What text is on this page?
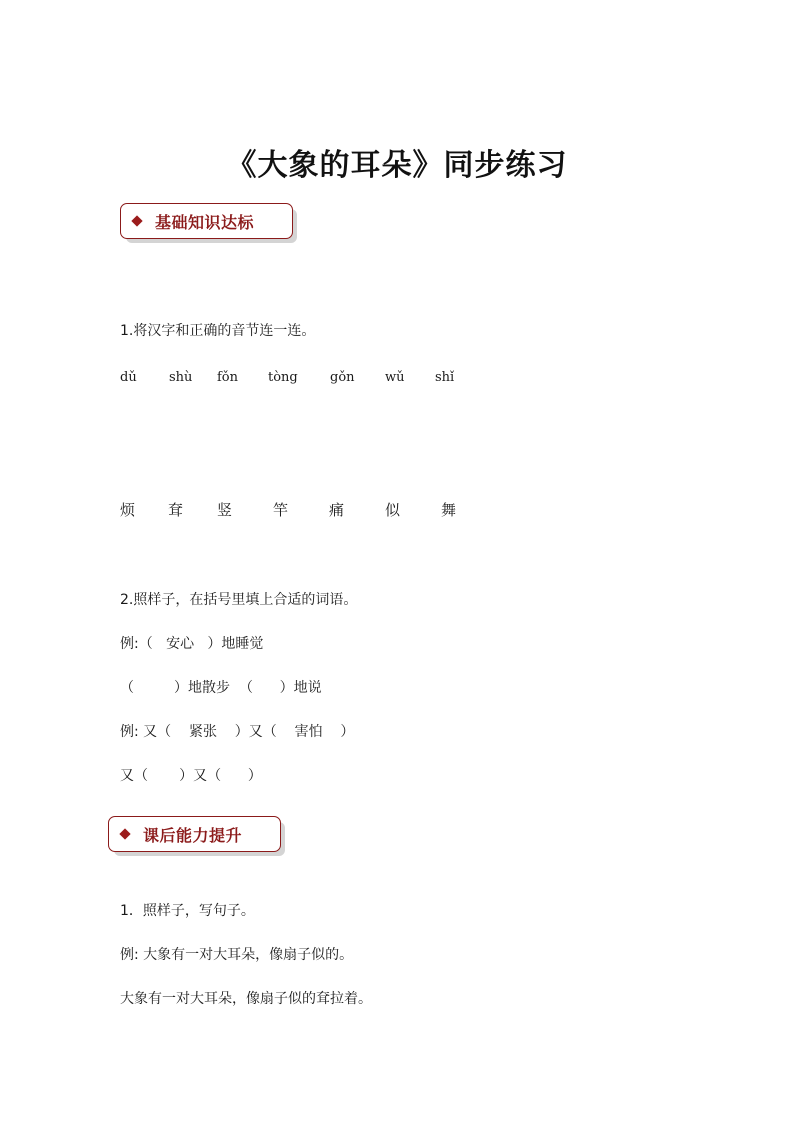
《大象的耳朵》同步练习
基础知识达标
1.将汉字和正确的音节连一连。
dǔ shù fǒn tòng gǒn wǔ shǐ
烦 耷 竖	竿	痛	似	舞
2.照样子，在括号里填上合适的词语。
例:（   安心   ）地睡觉
（         ）地散步  （      ）地说
例: 又（    紧张    ）又（    害怕    ）
又（       ）又（      ）
课后能力提升
1．照样子，写句子。
例: 大象有一对大耳朵，像扇子似的。
大象有一对大耳朵，像扇子似的耷拉着。
